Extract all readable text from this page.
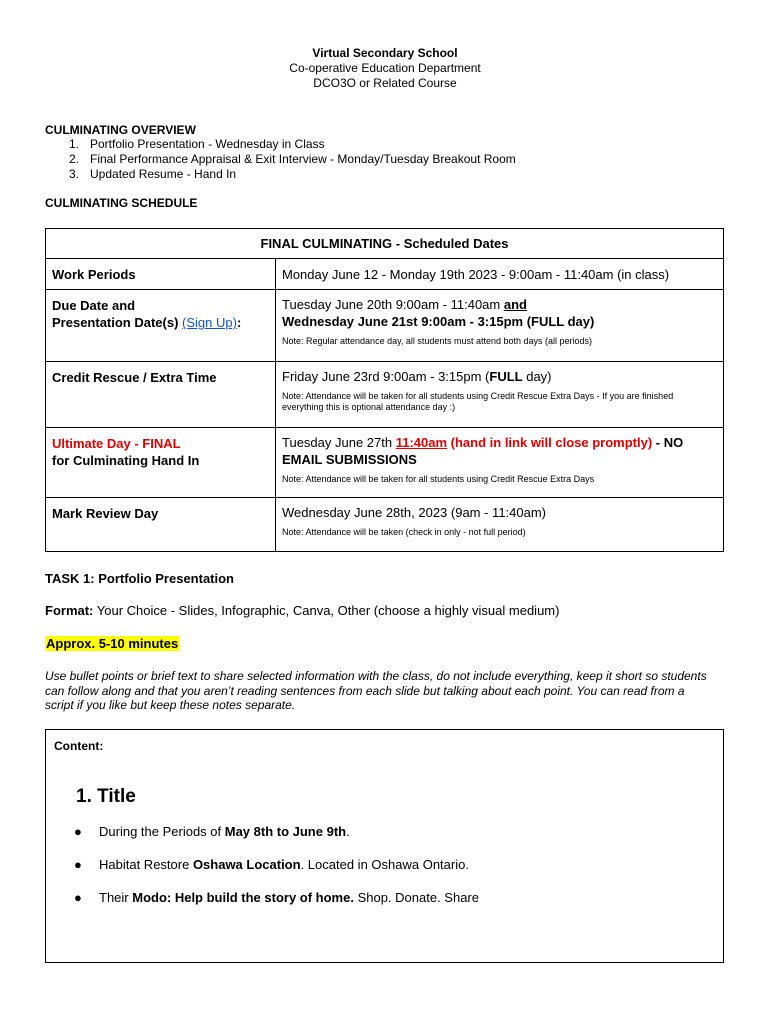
Virtual Secondary School
Co-operative Education Department
DCO3O or Related Course
CULMINATING OVERVIEW
1. Portfolio Presentation - Wednesday in Class
2. Final Performance Appraisal & Exit Interview - Monday/Tuesday Breakout Room
3. Updated Resume - Hand In
CULMINATING SCHEDULE
FINAL CULMINATING - Scheduled Dates	
Work Periods	Monday June 12 - Monday 19th 2023 - 9:00am - 11:40am (in class)
Due Date and
Presentation Date(s) (Sign Up):	Tuesday June 20th 9:00am - 11:40am and
Wednesday June 21st 9:00am - 3:15pm (FULL day)
Note: Regular attendance day, all students must attend both days (all periods)

Credit Rescue / Extra Time	Friday June 23rd 9:00am - 3:15pm (FULL day)
Note: Attendance will be taken for all students using Credit Rescue Extra Days - If you are finished everything this is optional attendance day :)

Ultimate Day - FINAL
for Culminating Hand In	Tuesday June 27th 11:40am (hand in link will close promptly) - NO EMAIL SUBMISSIONS
Note: Attendance will be taken for all students using Credit Rescue Extra Days

Mark Review Day	Wednesday June 28th, 2023 (9am - 11:40am)
Note: Attendance will be taken (check in only - not full period)
TASK 1: Portfolio Presentation
Format: Your Choice - Slides, Infographic, Canva, Other (choose a highly visual medium)
Approx. 5-10 minutes
Use bullet points or brief text to share selected information with the class, do not include everything, keep it short so students can follow along and that you aren’t reading sentences from each slide but talking about each point. You can read from a script if you like but keep these notes separate.
Content:
1. Title
●	During the Periods of May 8th to June 9th.
●	Habitat Restore Oshawa Location. Located in Oshawa Ontario.
●	Their Modo: Help build the story of home. Shop. Donate. Share
